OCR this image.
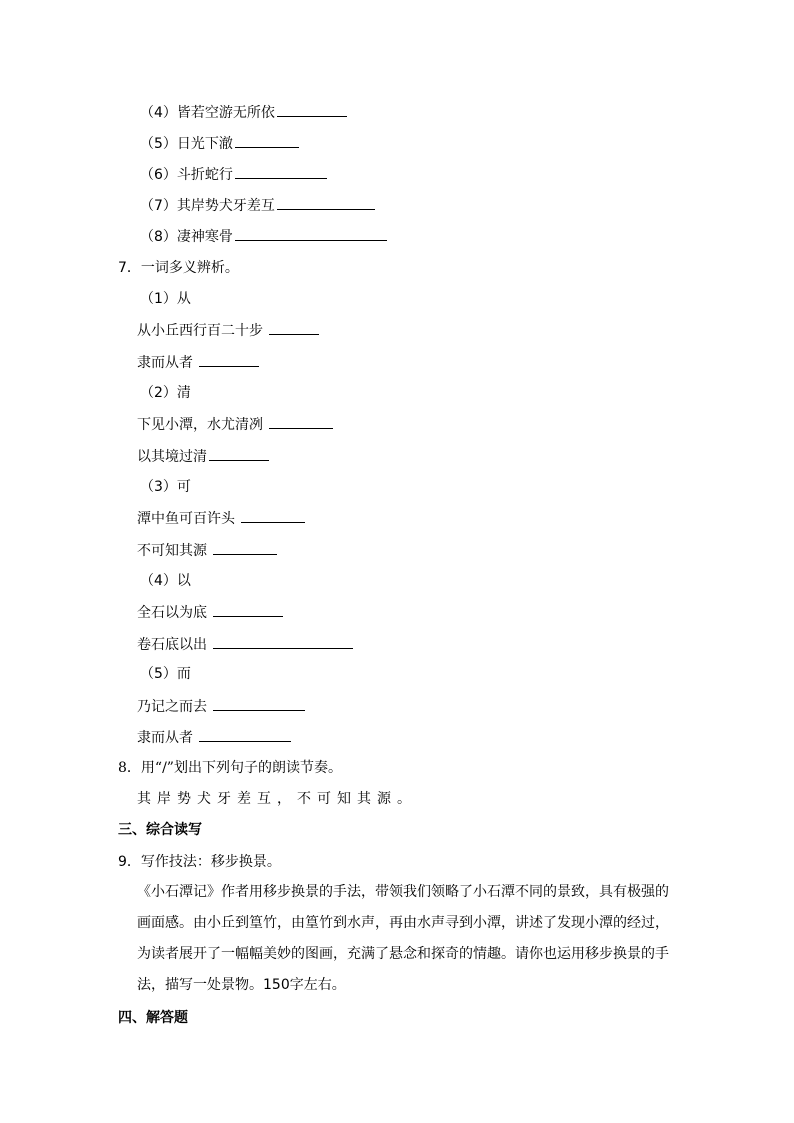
（4）皆若空游无所依
（5）日光下澈
（6）斗折蛇行
（7）其岸势犬牙差互
（8）凄神寒骨
7．一词多义辨析。
（1）从
从小丘西行百二十步
隶而从者
（2）清
下见小潭，水尤清冽
以其境过清
（3）可
潭中鱼可百许头
不可知其源
（4）以
全石以为底
卷石底以出
（5）而
乃记之而去
隶而从者
8．用“/”划出下列句子的朗读节奏。
其岸势犬牙差互，不可知其源。
三、综合读写
9．写作技法：移步换景。
《小石潭记》作者用移步换景的手法，带领我们领略了小石潭不同的景致，具有极强的画面感。由小丘到篁竹，由篁竹到水声，再由水声寻到小潭，讲述了发现小潭的经过，为读者展开了一幅幅美妙的图画，充满了悬念和探奇的情趣。请你也运用移步换景的手法，描写一处景物。150字左右。
四、解答题
